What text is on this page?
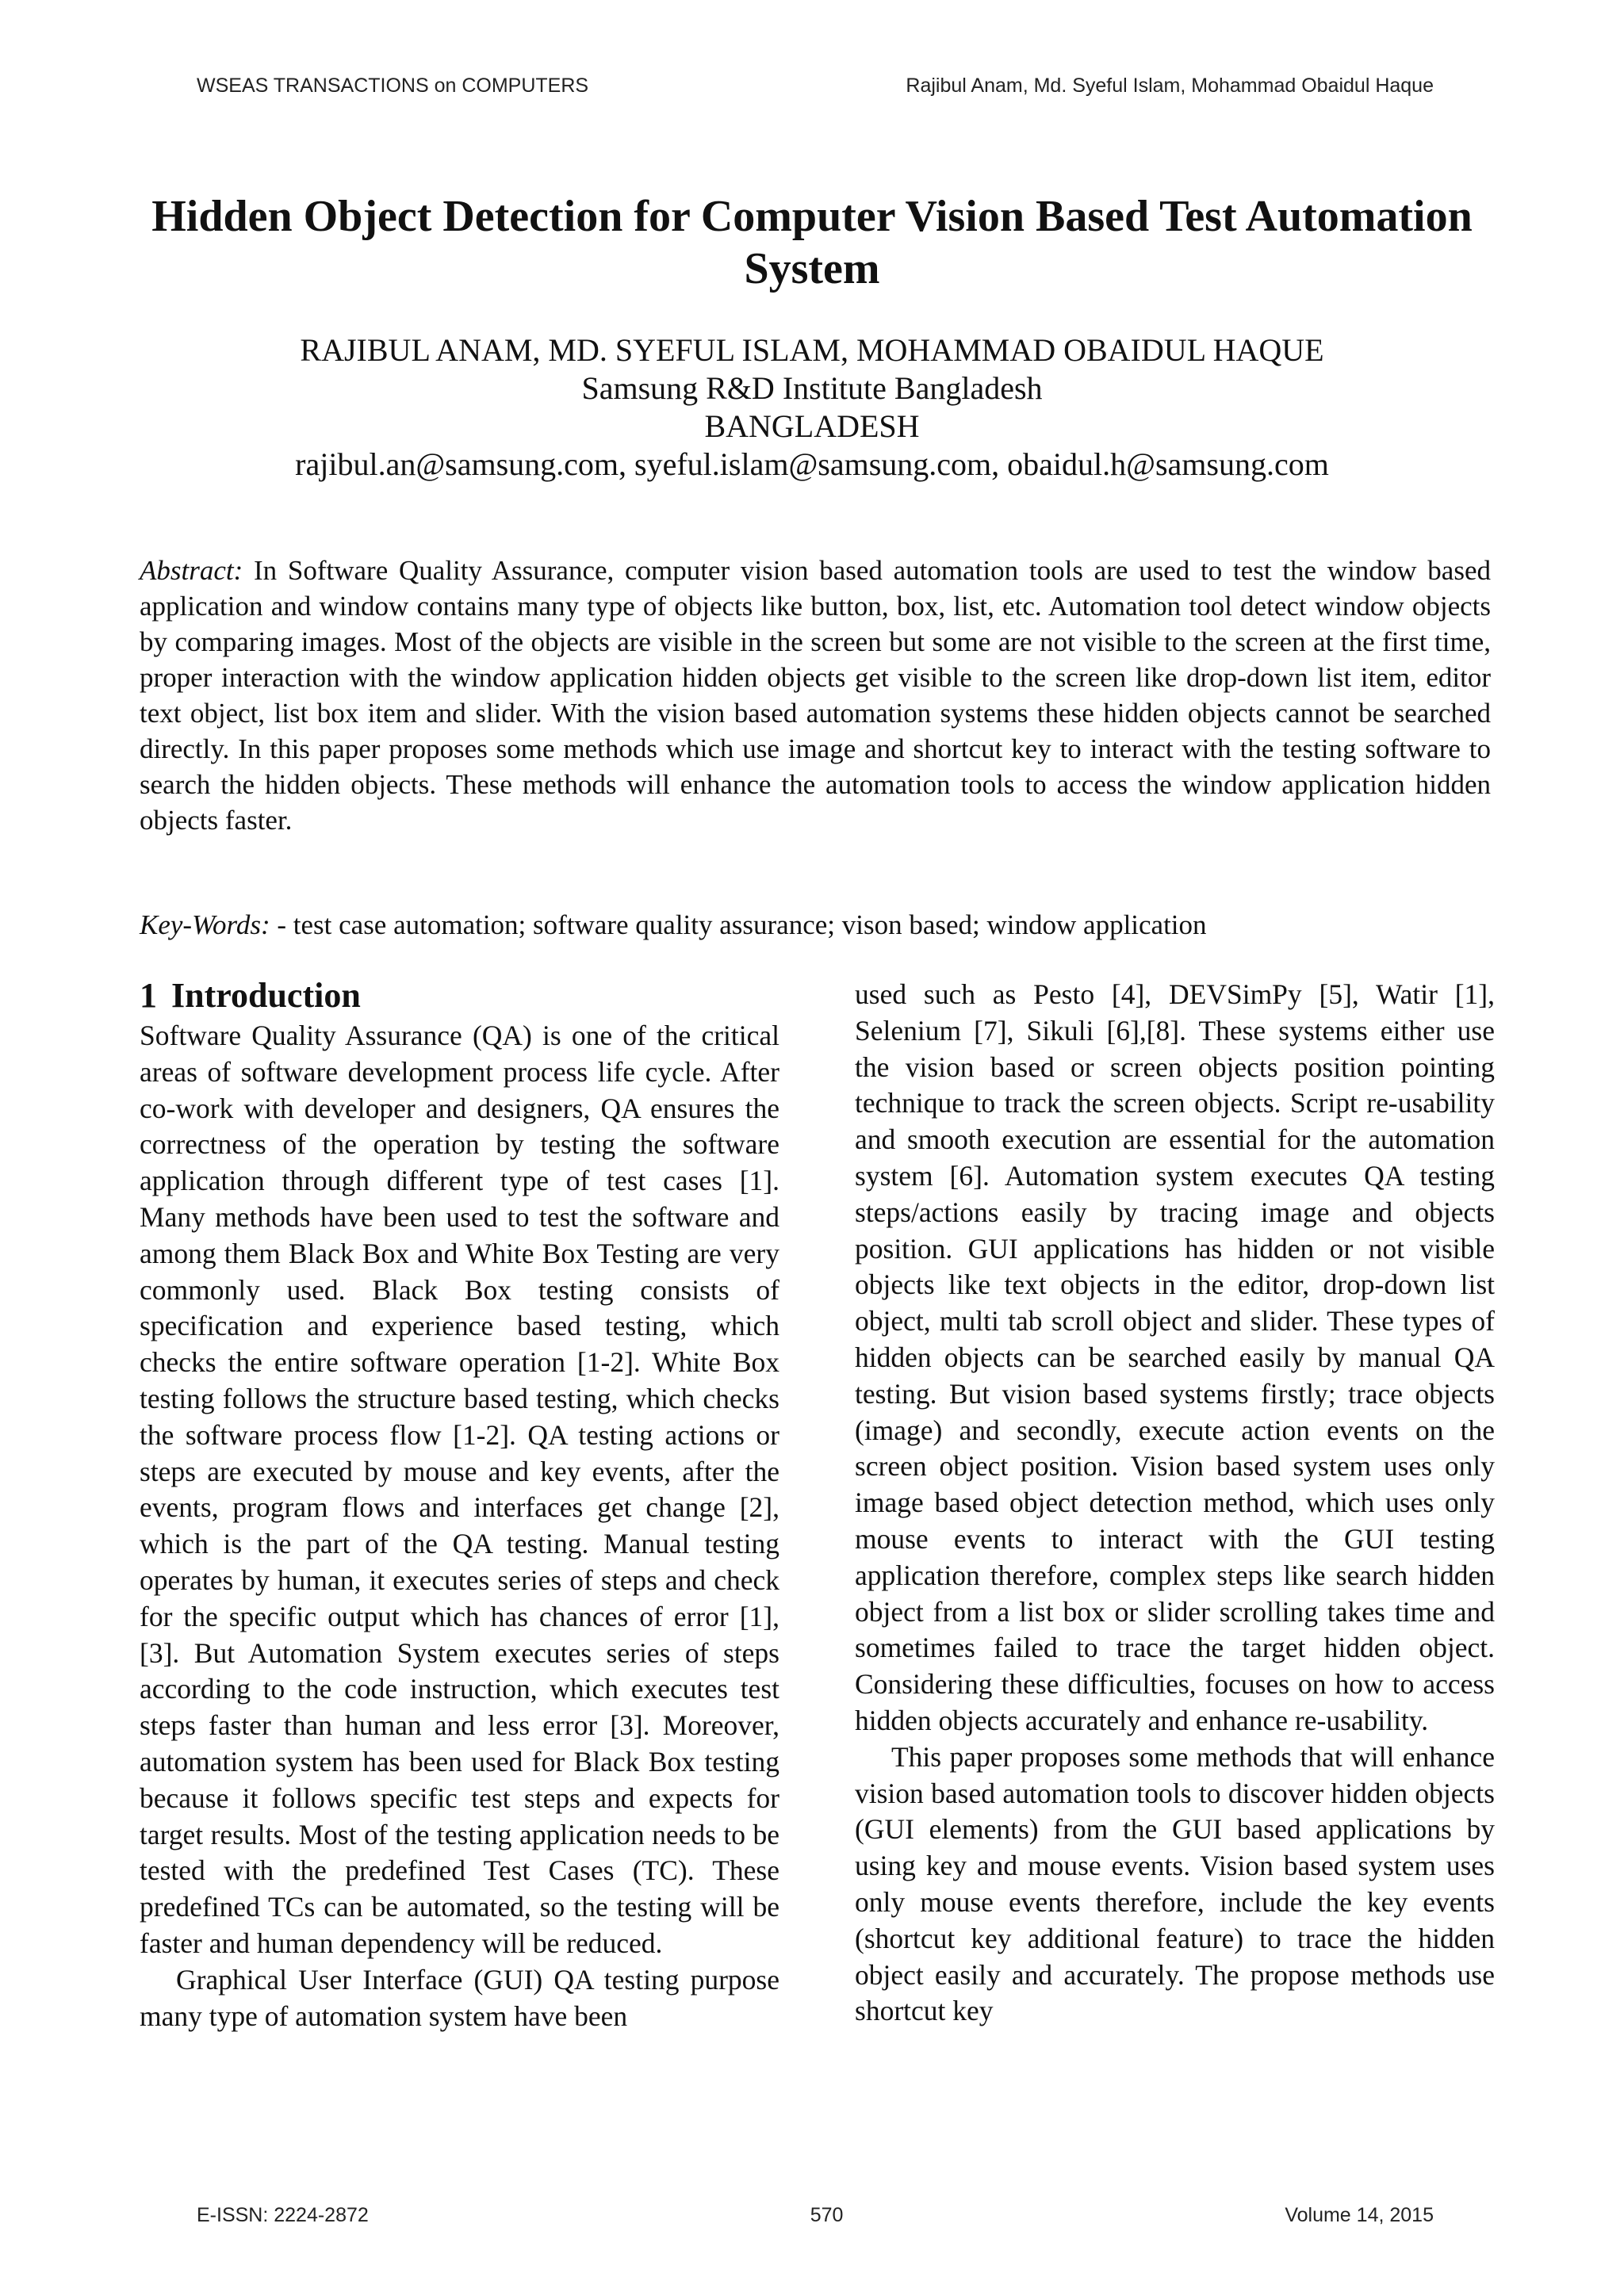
WSEAS TRANSACTIONS on COMPUTERS	Rajibul Anam, Md. Syeful Islam, Mohammad Obaidul Haque
Hidden Object Detection for Computer Vision Based Test Automation System
RAJIBUL ANAM, MD. SYEFUL ISLAM, MOHAMMAD OBAIDUL HAQUE
Samsung R&D Institute Bangladesh
BANGLADESH
rajibul.an@samsung.com, syeful.islam@samsung.com, obaidul.h@samsung.com

Abstract: In Software Quality Assurance, computer vision based automation tools are used to test the window based application and window contains many type of objects like button, box, list, etc. Automation tool detect window objects by comparing images. Most of the objects are visible in the screen but some are not visible to the screen at the first time, proper interaction with the window application hidden objects get visible to the screen like drop-down list item, editor text object, list box item and slider. With the vision based automation systems these hidden objects cannot be searched directly. In this paper proposes some methods which use image and shortcut key to interact with the testing software to search the hidden objects. These methods will enhance the automation tools to access the window application hidden objects faster.

Key-Words: - test case automation; software quality assurance; vison based; window application

1 Introduction

Software Quality Assurance (QA) is one of the critical areas of software development process life cycle. After co-work with developer and designers, QA ensures the correctness of the operation by testing the software application through different type of test cases [1]. Many methods have been used to test the software and among them Black Box and White Box Testing are very commonly used. Black Box testing consists of specification and experience based testing, which checks the entire software operation [1-2]. White Box testing follows the structure based testing, which checks the software process flow [1-2]. QA testing actions or steps are executed by mouse and key events, after the events, program flows and interfaces get change [2], which is the part of the QA testing. Manual testing operates by human, it executes series of steps and check for the specific output which has chances of error [1],[3]. But Automation System executes series of steps according to the code instruction, which executes test steps faster than human and less error [3]. Moreover, automation system has been used for Black Box testing because it follows specific test steps and expects for target results. Most of the testing application needs to be tested with the predefined Test Cases (TC). These predefined TCs can be automated, so the testing will be faster and human dependency will be reduced.

Graphical User Interface (GUI) QA testing purpose many type of automation system have been

used such as Pesto [4], DEVSimPy [5], Watir [1], Selenium [7], Sikuli [6],[8]. These systems either use the vision based or screen objects position pointing technique to track the screen objects. Script re-usability and smooth execution are essential for the automation system [6]. Automation system executes QA testing steps/actions easily by tracing image and objects position. GUI applications has hidden or not visible objects like text objects in the editor, drop-down list object, multi tab scroll object and slider. These types of hidden objects can be searched easily by manual QA testing. But vision based systems firstly; trace objects (image) and secondly, execute action events on the screen object position. Vision based system uses only image based object detection method, which uses only mouse events to interact with the GUI testing application therefore, complex steps like search hidden object from a list box or slider scrolling takes time and sometimes failed to trace the target hidden object. Considering these difficulties, focuses on how to access hidden objects accurately and enhance re-usability.

This paper proposes some methods that will enhance vision based automation tools to discover hidden objects (GUI elements) from the GUI based applications by using key and mouse events. Vision based system uses only mouse events therefore, include the key events (shortcut key additional feature) to trace the hidden object easily and accurately. The propose methods use shortcut key

E-ISSN: 2224-2872	570	Volume 14, 2015
